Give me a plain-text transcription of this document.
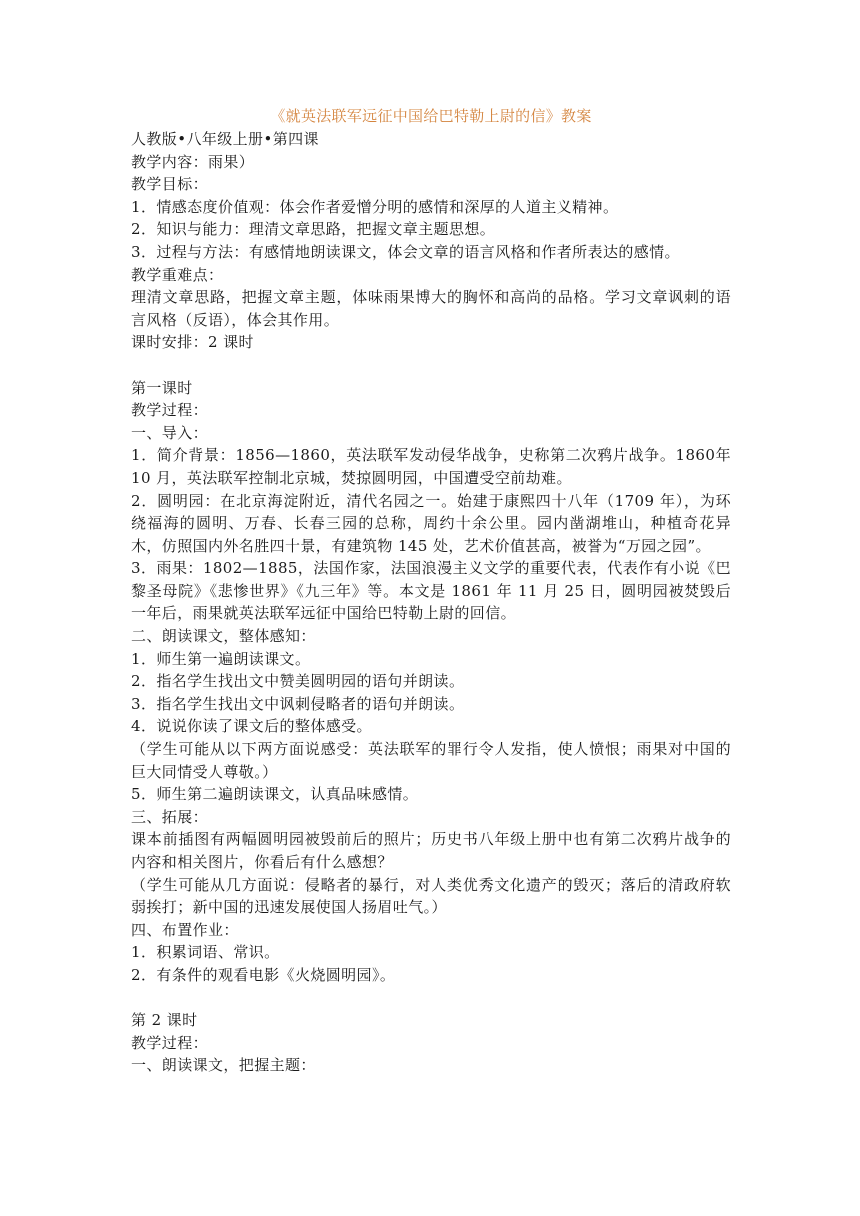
《就英法联军远征中国给巴特勒上尉的信》教案

人教版•八年级上册•第四课

教学内容：雨果）

教学目标：

1．情感态度价值观：体会作者爱憎分明的感情和深厚的人道主义精神。

2．知识与能力：理清文章思路，把握文章主题思想。

3．过程与方法：有感情地朗读课文，体会文章的语言风格和作者所表达的感情。

教学重难点：

理清文章思路，把握文章主题，体味雨果博大的胸怀和高尚的品格。学习文章讽刺的语言风格（反语），体会其作用。

课时安排：2 课时

第一课时

教学过程：

一、导入：

1．简介背景：1856—1860，英法联军发动侵华战争，史称第二次鸦片战争。1860年 10 月，英法联军控制北京城，焚掠圆明园，中国遭受空前劫难。

2．圆明园：在北京海淀附近，清代名园之一。始建于康熙四十八年（1709 年），为环绕福海的圆明、万春、长春三园的总称，周约十余公里。园内凿湖堆山，种植奇花异木，仿照国内外名胜四十景，有建筑物 145 处，艺术价值甚高，被誉为“万园之园”。

3．雨果：1802—1885，法国作家，法国浪漫主义文学的重要代表，代表作有小说《巴黎圣母院》《悲惨世界》《九三年》等。本文是 1861 年 11 月 25 日，圆明园被焚毁后一年后，雨果就英法联军远征中国给巴特勒上尉的回信。

二、朗读课文，整体感知：

1．师生第一遍朗读课文。

2．指名学生找出文中赞美圆明园的语句并朗读。

3．指名学生找出文中讽刺侵略者的语句并朗读。

4．说说你读了课文后的整体感受。

（学生可能从以下两方面说感受：英法联军的罪行令人发指，使人愤恨；雨果对中国的巨大同情受人尊敬。）

5．师生第二遍朗读课文，认真品味感情。

三、拓展：

课本前插图有两幅圆明园被毁前后的照片；历史书八年级上册中也有第二次鸦片战争的内容和相关图片，你看后有什么感想？

（学生可能从几方面说：侵略者的暴行，对人类优秀文化遗产的毁灭；落后的清政府软弱挨打；新中国的迅速发展使国人扬眉吐气。）

四、布置作业：

1．积累词语、常识。

2．有条件的观看电影《火烧圆明园》。

第 2 课时

教学过程：

一、朗读课文，把握主题：
